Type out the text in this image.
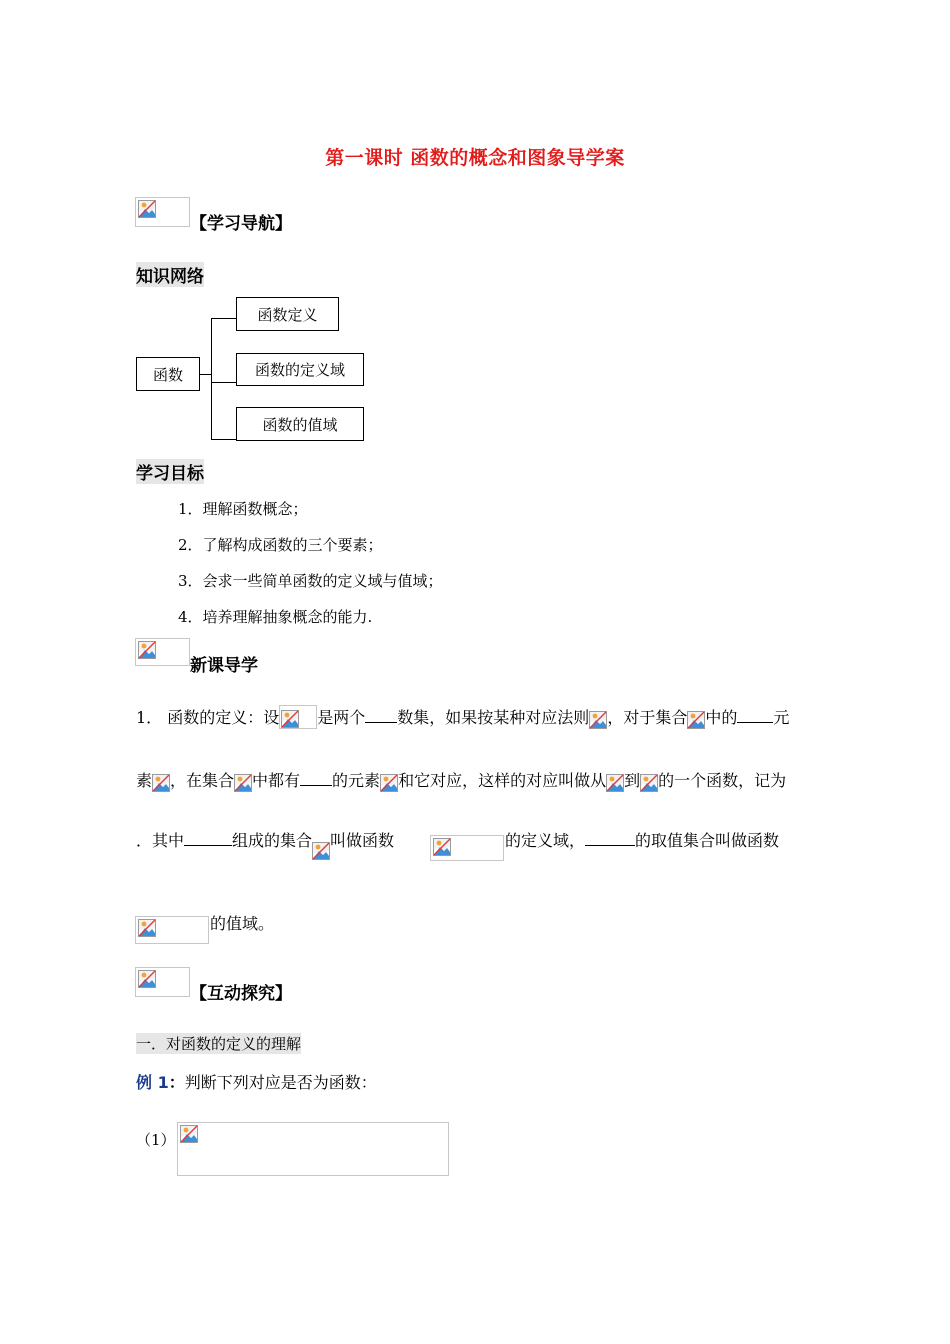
第一课时 函数的概念和图象导学案
【学习导航】
知识网络
函数
函数定义
函数的定义域
函数的值域
学习目标
1．理解函数概念；
2．了解构成函数的三个要素；
3．会求一些简单函数的定义域与值域；
4．培养理解抽象概念的能力.
新课导学
1． 函数的定义：设 是两个 数集，如果按某种对应法则 ，对于集合 中的 元
素 ，在集合 中都有 的元素 和它对应，这样的对应叫做从 到 的一个函数，记为
．其中	组成的集合 叫做函数	的定义域，	的取值集合叫做函数
的值域。
【互动探究】
一．对函数的定义的理解
例 1：判断下列对应是否为函数：
（1）
